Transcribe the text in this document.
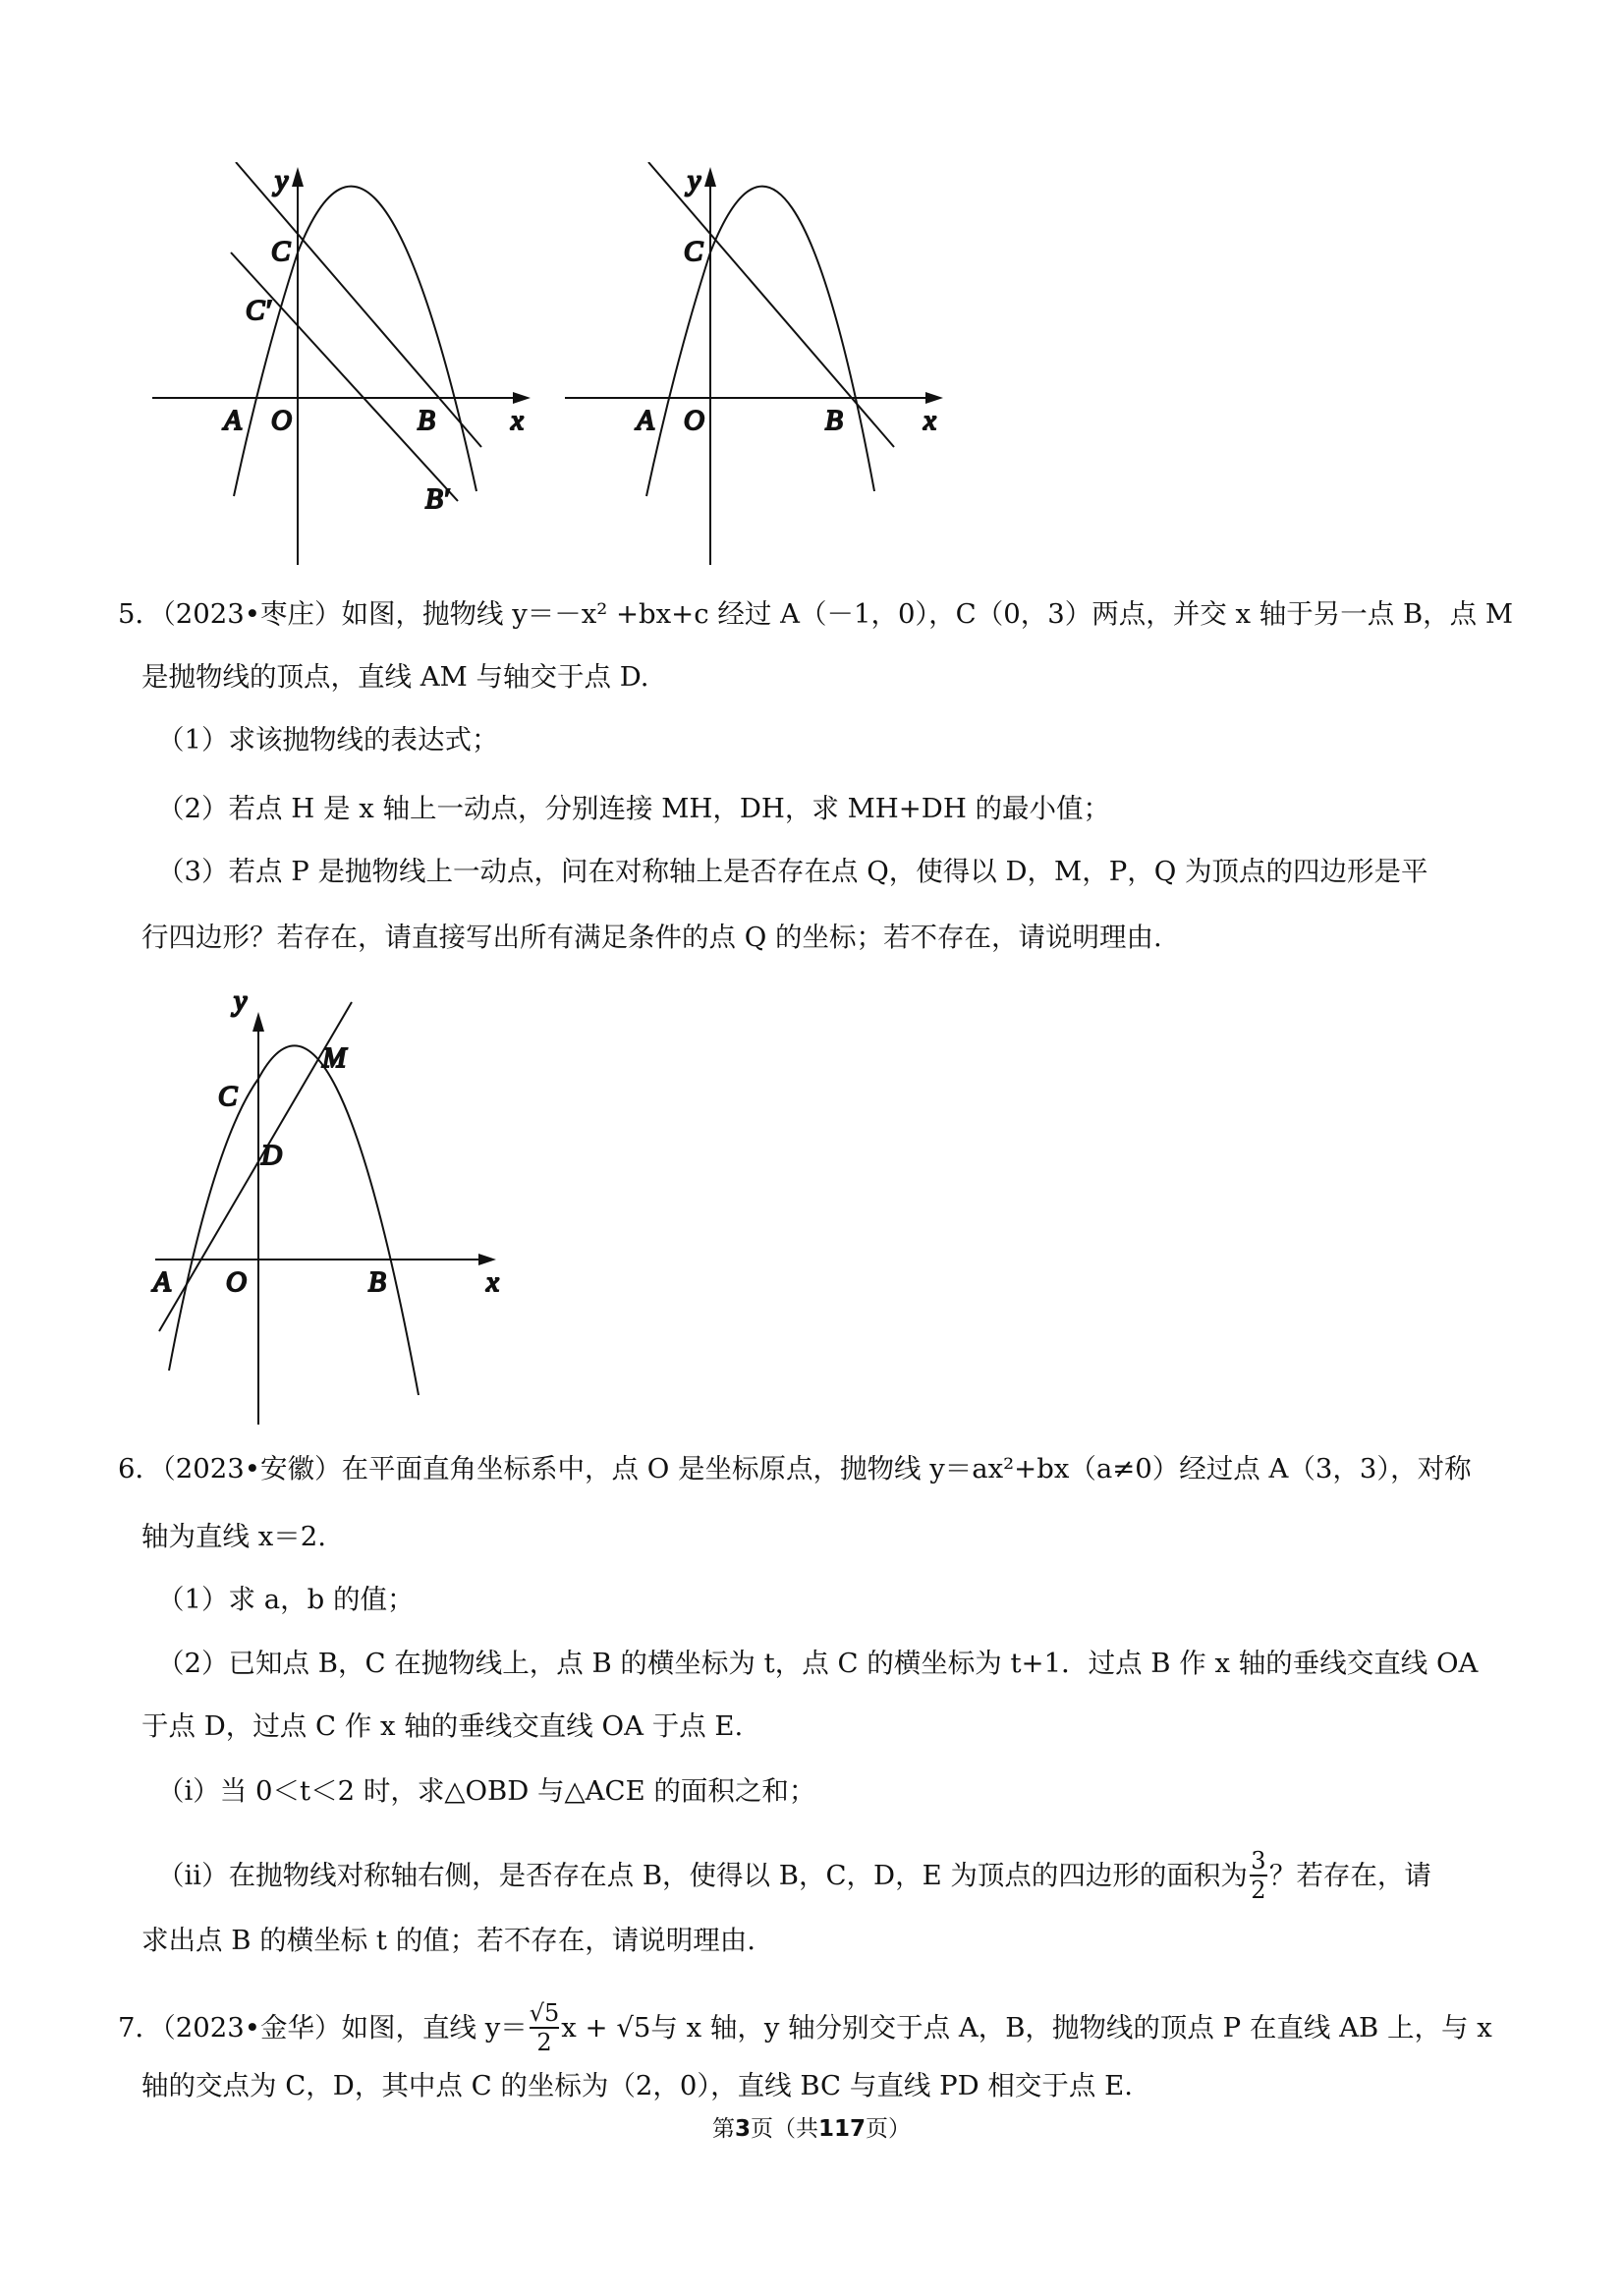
y
x
A O	B
C
C′
B′
y
x
A O	B
C
5．（2023•枣庄）如图，抛物线 y＝－x² +bx+c 经过 A（－1，0），C（0，3）两点，并交 x 轴于另一点 B，点 M
是抛物线的顶点，直线 AM 与轴交于点 D.
（1）求该抛物线的表达式；
（2）若点 H 是 x 轴上一动点，分别连接 MH，DH，求 MH+DH 的最小值；
（3）若点 P 是抛物线上一动点，问在对称轴上是否存在点 Q，使得以 D，M，P，Q 为顶点的四边形是平
行四边形？若存在，请直接写出所有满足条件的点 Q 的坐标；若不存在，请说明理由.
y
x
A O	B
C
D
M
6．（2023•安徽）在平面直角坐标系中，点 O 是坐标原点，抛物线 y＝ax²+bx（a≠0）经过点 A（3，3），对称
轴为直线 x＝2.
（1）求 a，b 的值；
（2）已知点 B，C 在抛物线上，点 B 的横坐标为 t，点 C 的横坐标为 t+1．过点 B 作 x 轴的垂线交直线 OA
于点 D，过点 C 作 x 轴的垂线交直线 OA 于点 E.
（i）当 0＜t＜2 时，求△OBD 与△ACE 的面积之和；
（ii）在抛物线对称轴右侧，是否存在点 B，使得以 B，C，D，E 为顶点的四边形的面积为 3
2 ？若存在，请
求出点 B 的横坐标 t 的值；若不存在，请说明理由.
7．（2023•金华）如图，直线 y＝ √5
2 x + √5与 x 轴，y 轴分别交于点 A，B，抛物线的顶点 P 在直线 AB 上，与 x
轴的交点为 C，D，其中点 C 的坐标为（2，0），直线 BC 与直线 PD 相交于点 E.
第3页（共117页）
